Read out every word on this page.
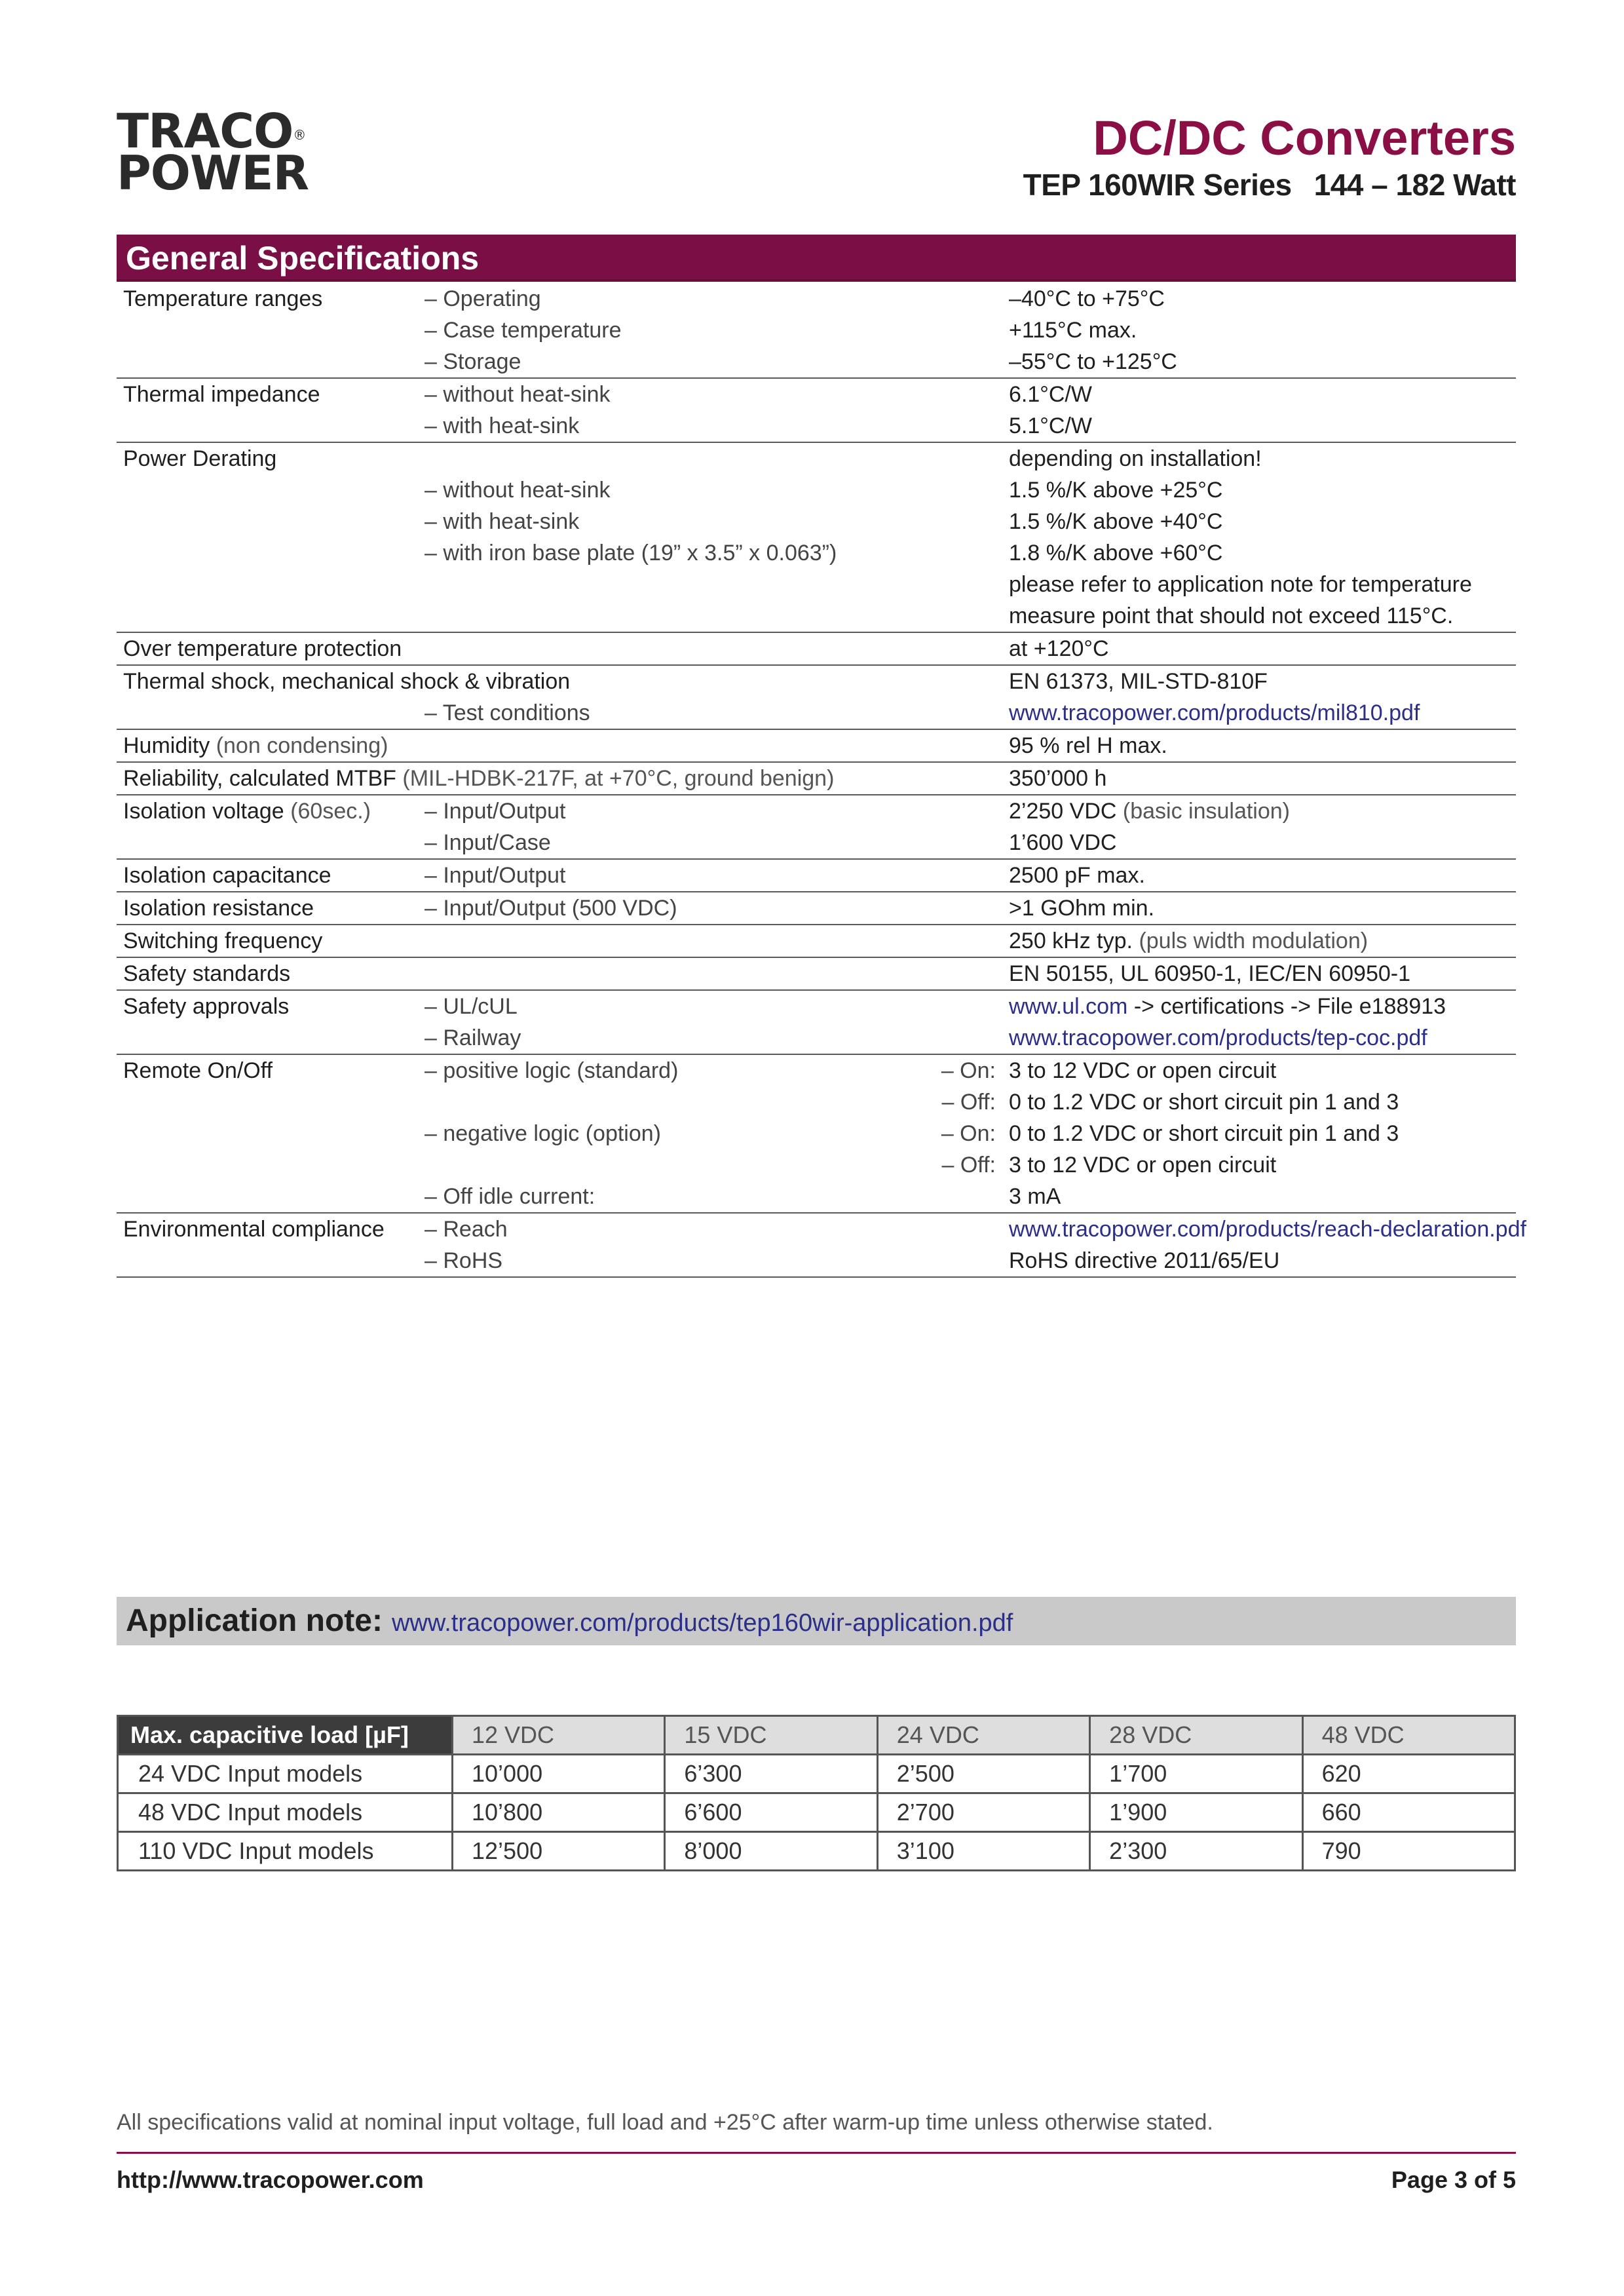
TRACO®
POWER
DC/DC Converters
TEP 160WIR Series 144 – 182 Watt
General Specifications
Temperature ranges	– Operating	–40°C to +75°C
– Case temperature	+115°C max.
– Storage	–55°C to +125°C
Thermal impedance	– without heat-sink	6.1°C/W
– with heat-sink	5.1°C/W
Power Derating	depending on installation!
– without heat-sink	1.5 %/K above +25°C
– with heat-sink	1.5 %/K above +40°C
– with iron base plate (19” x 3.5” x 0.063”)	1.8 %/K above +60°C
please refer to application note for temperature
measure point that should not exceed 115°C.
Over temperature protection	at +120°C
Thermal shock, mechanical shock & vibration	EN 61373, MIL-STD-810F
– Test conditions	www.tracopower.com/products/mil810.pdf
Humidity (non condensing)	95 % rel H max.
Reliability, calculated MTBF (MIL-HDBK-217F, at +70°C, ground benign)	350’000 h
Isolation voltage (60sec.) – Input/Output	2’250 VDC (basic insulation)
– Input/Case	1’600 VDC
Isolation capacitance	– Input/Output	2500 pF max.
Isolation resistance	– Input/Output (500 VDC)	>1 GOhm min.
Switching frequency	250 kHz typ. (puls width modulation)
Safety standards	EN 50155, UL 60950-1, IEC/EN 60950-1
Safety approvals	– UL/cUL	www.ul.com -> certifications -> File e188913
– Railway	www.tracopower.com/products/tep-coc.pdf
Remote On/Off	– positive logic (standard)	– On: 3 to 12 VDC or open circuit
– Off: 0 to 1.2 VDC or short circuit pin 1 and 3
– negative logic (option)	– On: 0 to 1.2 VDC or short circuit pin 1 and 3
– Off: 3 to 12 VDC or open circuit
– Off idle current:	3 mA
Environmental compliance – Reach	www.tracopower.com/products/reach-declaration.pdf
– RoHS	RoHS directive 2011/65/EU
Application note: www.tracopower.com/products/tep160wir-application.pdf
Max. capacitive load [µF]	12 VDC	15 VDC	24 VDC	28 VDC	48 VDC
24 VDC Input models	10’000	6’300	2’500	1’700	620
48 VDC Input models	10’800	6’600	2’700	1’900	660
110 VDC Input models	12’500	8’000	3’100	2’300	790
All specifications valid at nominal input voltage, full load and +25°C after warm-up time unless otherwise stated.
http://www.tracopower.com	Page 3 of 5
